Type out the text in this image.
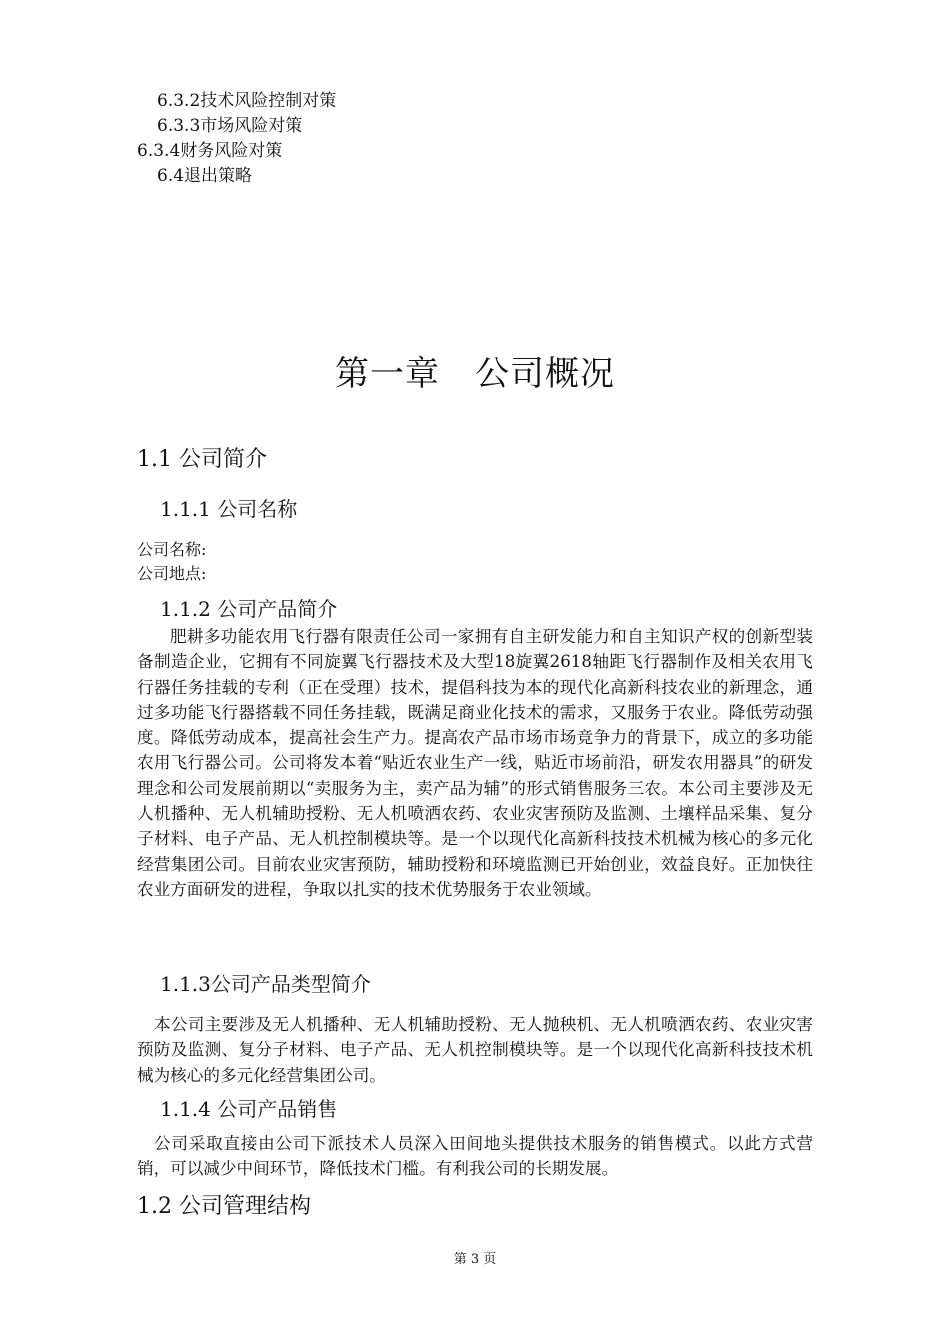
6.3.2技术风险控制对策
6.3.3市场风险对策
6.3.4财务风险对策
6.4退出策略
第一章　公司概况
1.1 公司简介
1.1.1 公司名称
公司名称:
公司地点:
1.1.2 公司产品简介
肥耕多功能农用飞行器有限责任公司一家拥有自主研发能力和自主知识产权的创新型装备制造企业，它拥有不同旋翼飞行器技术及大型18旋翼2618轴距飞行器制作及相关农用飞行器任务挂载的专利（正在受理）技术，提倡科技为本的现代化高新科技农业的新理念，通过多功能飞行器搭载不同任务挂载，既满足商业化技术的需求，又服务于农业。降低劳动强度。降低劳动成本，提高社会生产力。提高农产品市场市场竞争力的背景下，成立的多功能农用飞行器公司。公司将发本着“贴近农业生产一线，贴近市场前沿，研发农用器具”的研发理念和公司发展前期以“卖服务为主，卖产品为辅”的形式销售服务三农。本公司主要涉及无人机播种、无人机辅助授粉、无人机喷洒农药、农业灾害预防及监测、土壤样品采集、复分子材料、电子产品、无人机控制模块等。是一个以现代化高新科技技术机械为核心的多元化经营集团公司。目前农业灾害预防，辅助授粉和环境监测已开始创业，效益良好。正加快往农业方面研发的进程，争取以扎实的技术优势服务于农业领域。
1.1.3公司产品类型简介
本公司主要涉及无人机播种、无人机辅助授粉、无人抛秧机、无人机喷洒农药、农业灾害预防及监测、复分子材料、电子产品、无人机控制模块等。是一个以现代化高新科技技术机械为核心的多元化经营集团公司。
1.1.4 公司产品销售
公司采取直接由公司下派技术人员深入田间地头提供技术服务的销售模式。以此方式营销，可以减少中间环节，降低技术门槛。有利我公司的长期发展。
1.2 公司管理结构
第 3 页
